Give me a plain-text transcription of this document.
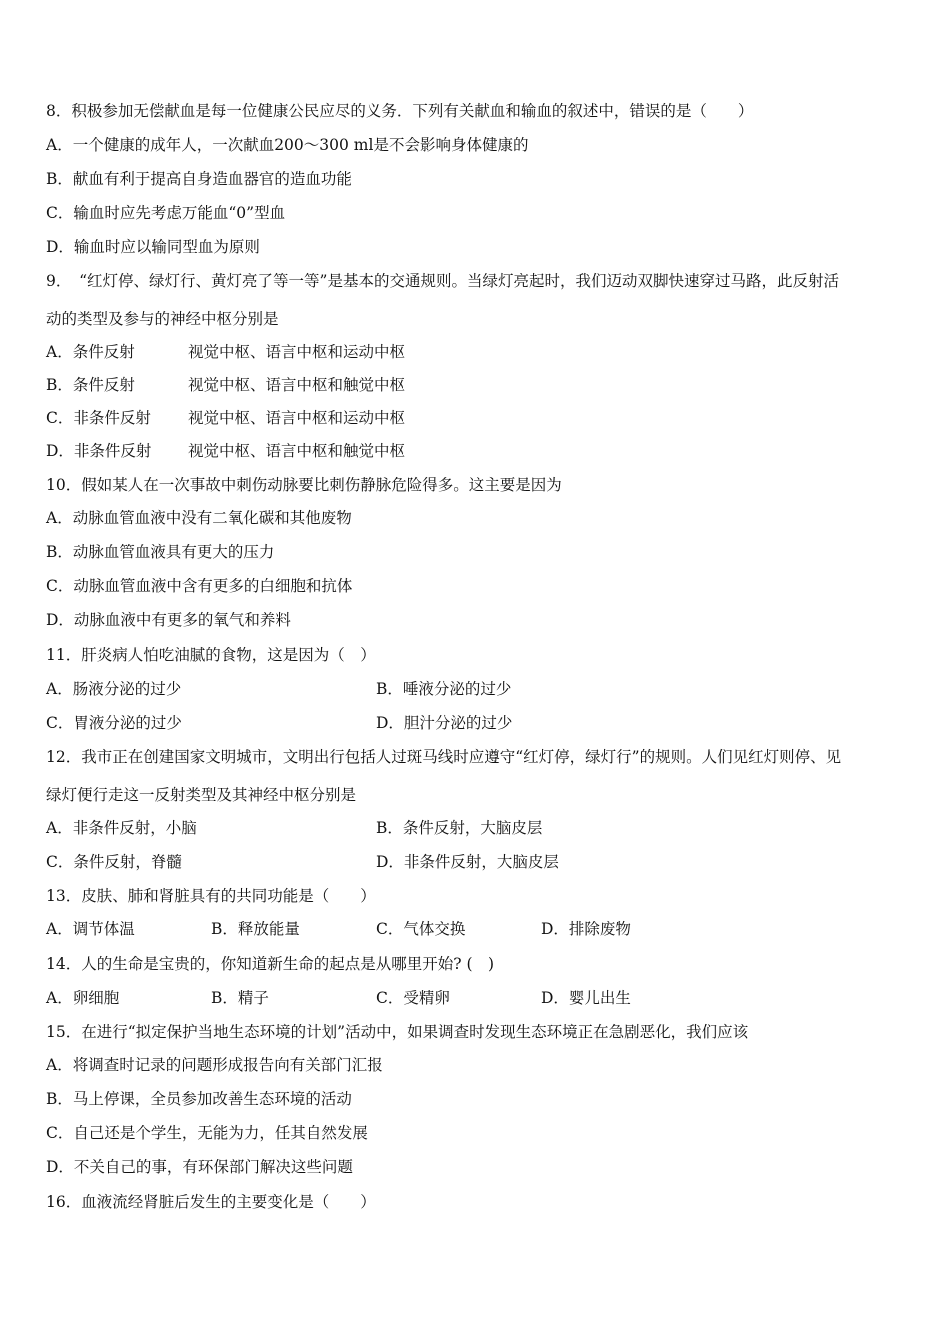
8．积极参加无偿献血是每一位健康公民应尽的义务．下列有关献血和输血的叙述中，错误的是（　　）
A．一个健康的成年人，一次献血200～300 ml是不会影响身体健康的
B．献血有利于提高自身造血器官的造血功能
C．输血时应先考虑万能血“0”型血
D．输血时应以输同型血为原则
9．　“红灯停、绿灯行、黄灯亮了等一等”是基本的交通规则。当绿灯亮起时，我们迈动双脚快速穿过马路，此反射活
动的类型及参与的神经中枢分别是
A．条件反射	视觉中枢、语言中枢和运动中枢
B．条件反射	视觉中枢、语言中枢和触觉中枢
C．非条件反射 视觉中枢、语言中枢和运动中枢
D．非条件反射 视觉中枢、语言中枢和触觉中枢
10．假如某人在一次事故中刺伤动脉要比刺伤静脉危险得多。这主要是因为
A．动脉血管血液中没有二氧化碳和其他废物
B．动脉血管血液具有更大的压力
C．动脉血管血液中含有更多的白细胞和抗体
D．动脉血液中有更多的氧气和养料
11．肝炎病人怕吃油腻的食物，这是因为（　）
A．肠液分泌的过少	B．唾液分泌的过少
C．胃液分泌的过少	D．胆汁分泌的过少
12．我市正在创建国家文明城市，文明出行包括人过斑马线时应遵守“红灯停，绿灯行”的规则。人们见红灯则停、见
绿灯便行走这一反射类型及其神经中枢分别是
A．非条件反射，小脑	B．条件反射，大脑皮层
C．条件反射，脊髓	D．非条件反射，大脑皮层
13．皮肤、肺和肾脏具有的共同功能是（　　）
A．调节体温	B．释放能量	C．气体交换	D．排除废物
14．人的生命是宝贵的，你知道新生命的起点是从哪里开始? (　)
A．卵细胞	B．精子	C．受精卵	D．婴儿出生
15．在进行“拟定保护当地生态环境的计划”活动中，如果调查时发现生态环境正在急剧恶化，我们应该
A．将调查时记录的问题形成报告向有关部门汇报
B．马上停课，全员参加改善生态环境的活动
C．自己还是个学生，无能为力，任其自然发展
D．不关自己的事，有环保部门解决这些问题
16．血液流经肾脏后发生的主要变化是（　　）
